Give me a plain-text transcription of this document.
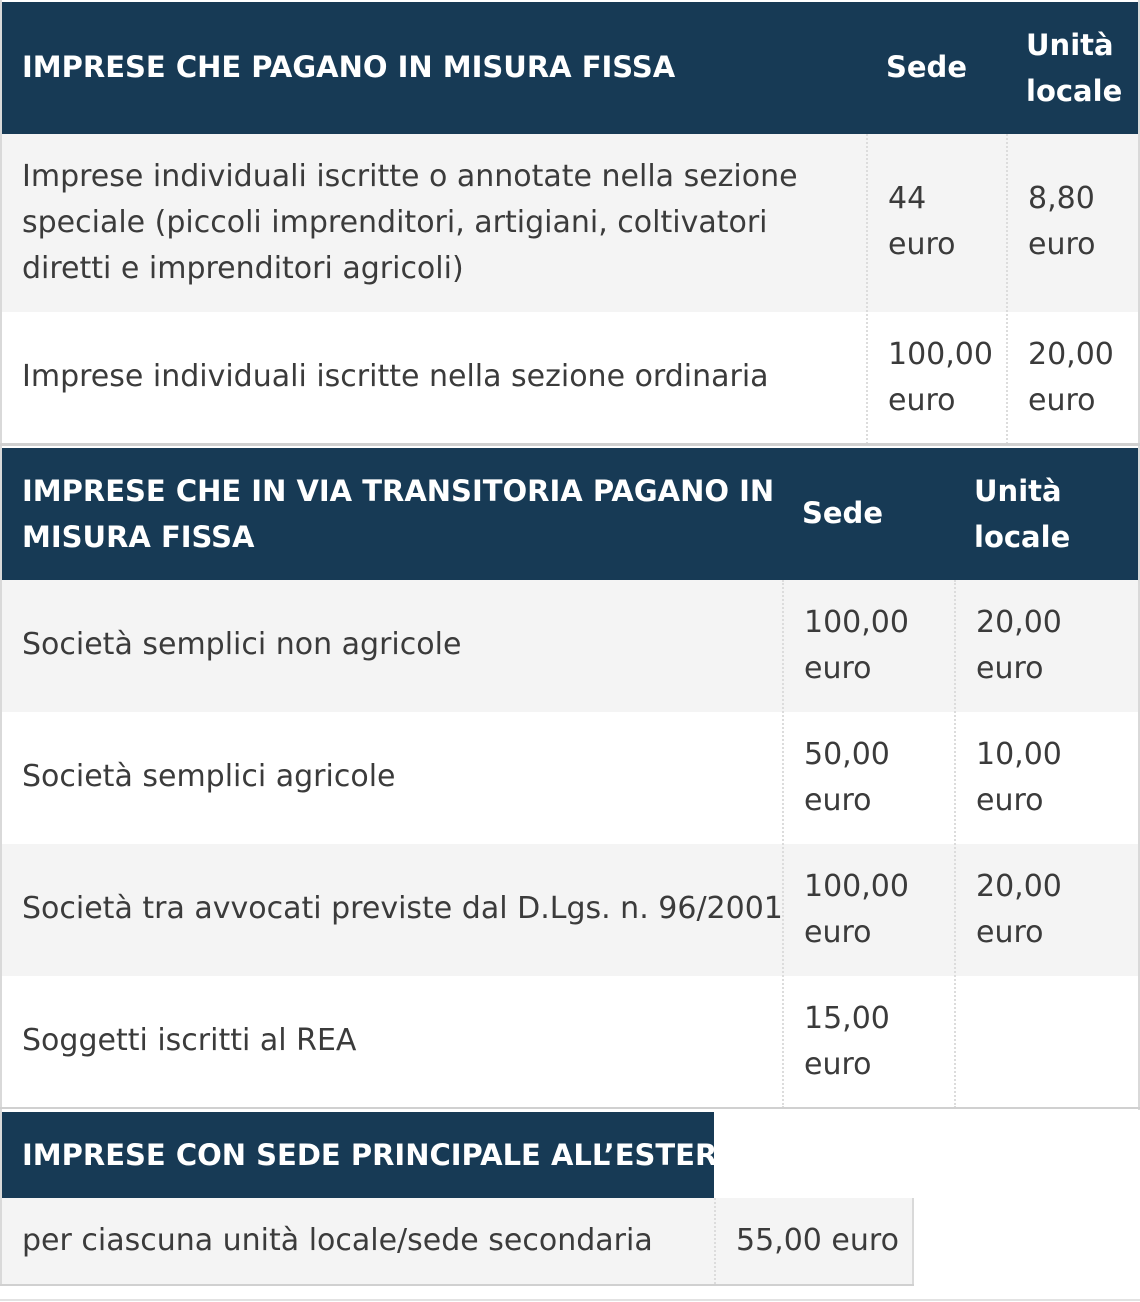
IMPRESE CHE PAGANO IN MISURA FISSA	Sede
Unità
locale
Imprese individuali iscritte o annotate nella sezione speciale (piccoli imprenditori, artigiani, coltivatori diretti e imprenditori agricoli)
44
euro
8,80
euro
Imprese individuali iscritte nella sezione ordinaria
100,00
euro
20,00
euro
IMPRESE CHE IN VIA TRANSITORIA PAGANO IN
MISURA FISSA
Sede
Unità
locale
Società semplici non agricole
100,00
euro
20,00
euro
Società semplici agricole
50,00
euro
10,00
euro
Società tra avvocati previste dal D.Lgs. n. 96/2001
100,00
euro
20,00
euro
Soggetti iscritti al REA
15,00
euro
IMPRESE CON SEDE PRINCIPALE ALL’ESTERO
per ciascuna unità locale/sede secondaria	55,00 euro
